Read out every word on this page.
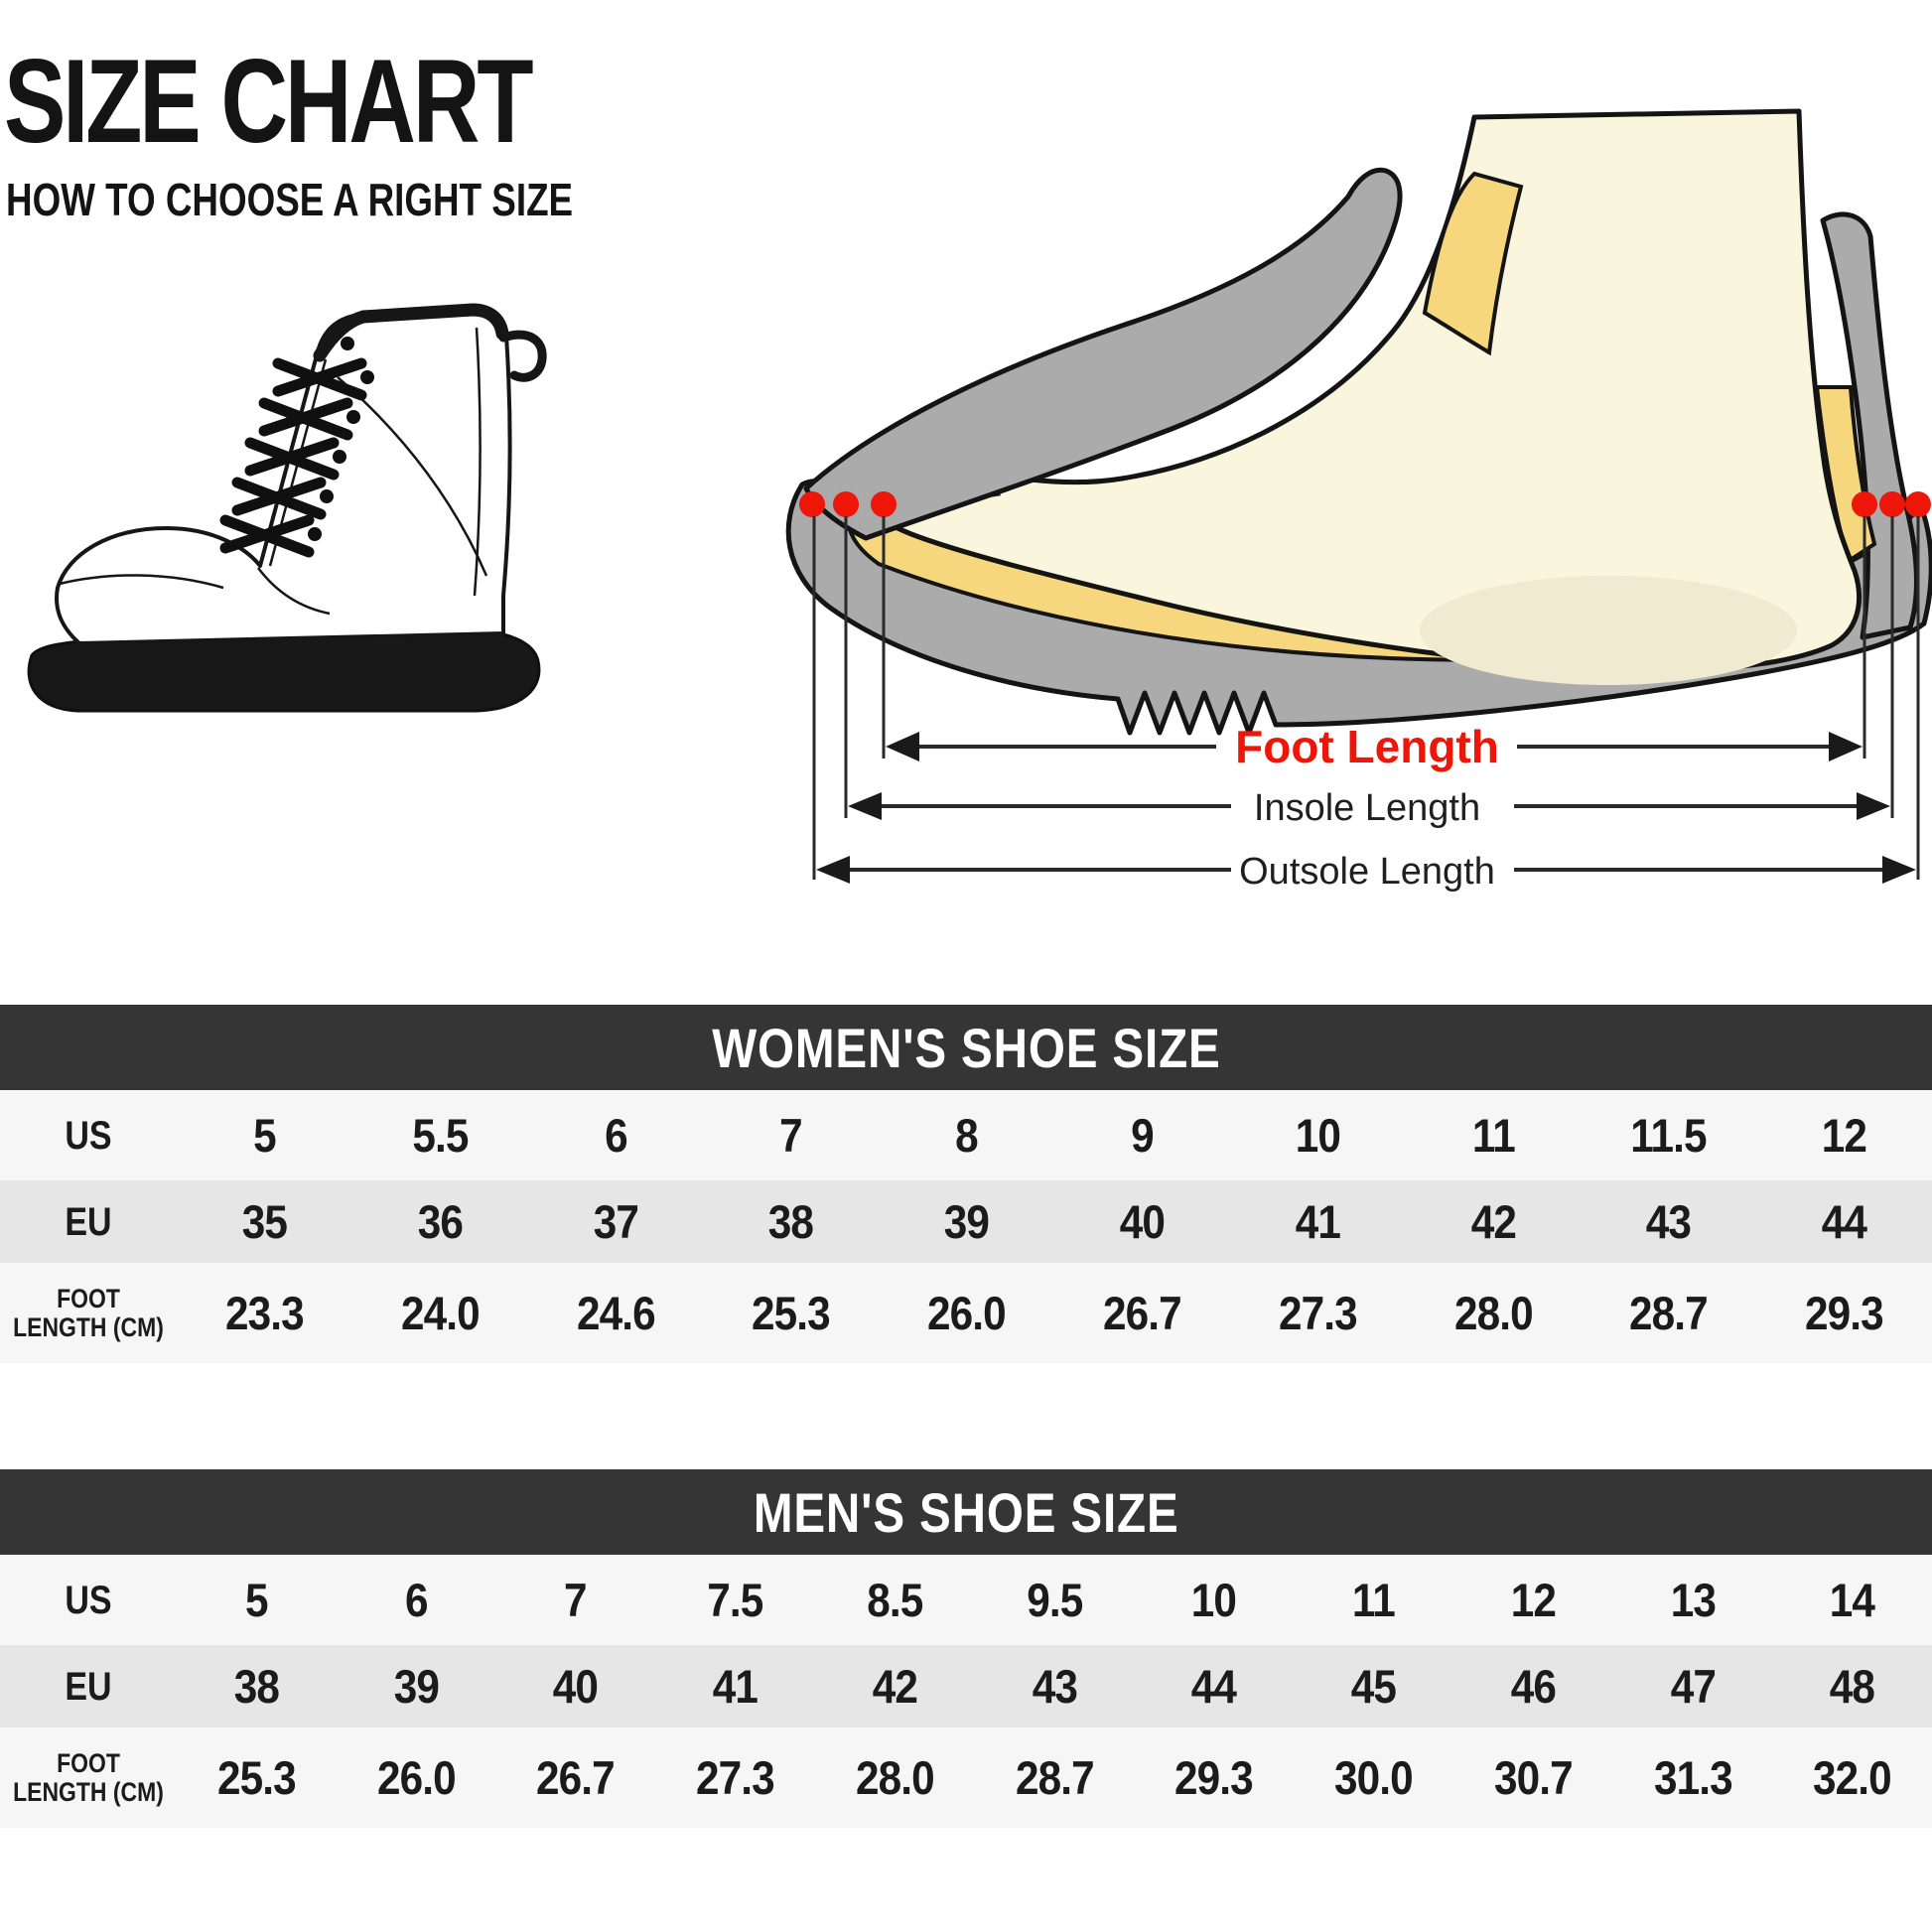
SIZE CHART
HOW TO CHOOSE A RIGHT SIZE
Foot Length
Insole Length
Outsole Length
WOMEN'S SHOE SIZE
US	5	5.5	6	7	8	9	10	11	11.5	12
EU	35	36	37	38	39	40	41	42	43	44
FOOT
LENGTH (CM)	23.3	24.0	24.6	25.3	26.0	26.7	27.3	28.0	28.7	29.3
MEN'S SHOE SIZE
US	5	6	7	7.5	8.5	9.5	10	11	12	13	14
EU	38	39	40	41	42	43	44	45	46	47	48
FOOT
LENGTH (CM)	25.3	26.0	26.7	27.3	28.0	28.7	29.3	30.0	30.7	31.3	32.0
